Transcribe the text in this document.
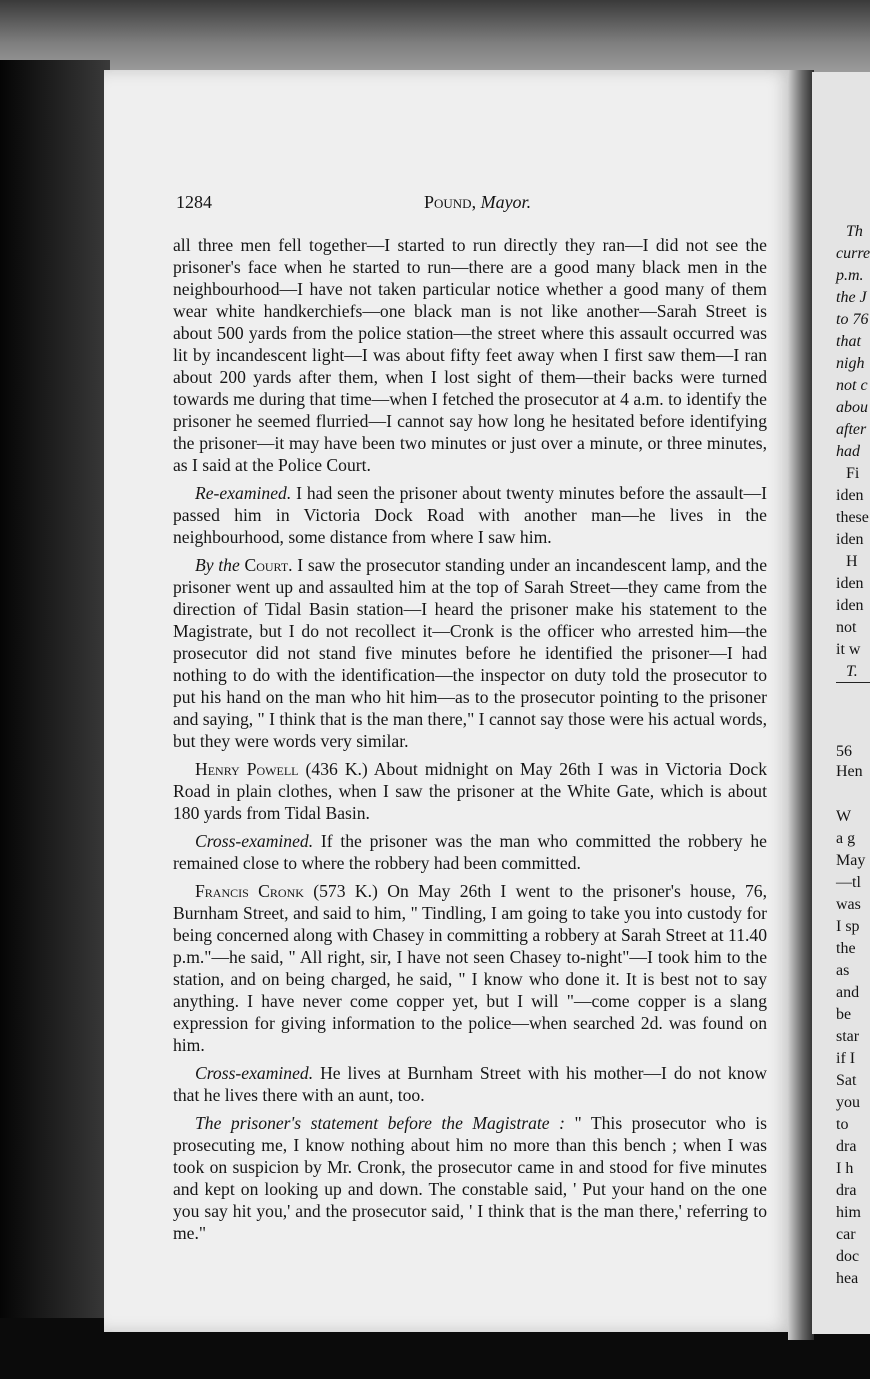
Th
curre
p.m.
the J
to 76
that
nigh
not c
abou
after
had
Fi
iden
these
iden
H
iden
iden
not
it w
T.
56
Hen
W
a g
May
—tl
was
I sp
the
as
and
be
star
if I
Sat
you
to
dra
I h
dra
him
car
doc
hea
1284	Pound, Mayor.

all three men fell together—I started to run directly they ran—I did not see the prisoner's face when he started to run—there are a good many black men in the neighbourhood—I have not taken particular notice whether a good many of them wear white handkerchiefs—one black man is not like another—Sarah Street is about 500 yards from the police station—the street where this assault occurred was lit by incandescent light—I was about fifty feet away when I first saw them—I ran about 200 yards after them, when I lost sight of them—their backs were turned towards me during that time—when I fetched the prosecutor at 4 a.m. to identify the prisoner he seemed flurried—I cannot say how long he hesitated before identifying the prisoner—it may have been two minutes or just over a minute, or three minutes, as I said at the Police Court.

Re-examined. I had seen the prisoner about twenty minutes before the assault—I passed him in Victoria Dock Road with another man—he lives in the neighbourhood, some distance from where I saw him.

By the Court. I saw the prosecutor standing under an incandescent lamp, and the prisoner went up and assaulted him at the top of Sarah Street—they came from the direction of Tidal Basin station—I heard the prisoner make his statement to the Magistrate, but I do not recollect it—Cronk is the officer who arrested him—the prosecutor did not stand five minutes before he identified the prisoner—I had nothing to do with the identification—the inspector on duty told the prosecutor to put his hand on the man who hit him—as to the prosecutor pointing to the prisoner and saying, " I think that is the man there," I cannot say those were his actual words, but they were words very similar.

Henry Powell (436 K.) About midnight on May 26th I was in Victoria Dock Road in plain clothes, when I saw the prisoner at the White Gate, which is about 180 yards from Tidal Basin.

Cross-examined. If the prisoner was the man who committed the robbery he remained close to where the robbery had been committed.

Francis Cronk (573 K.) On May 26th I went to the prisoner's house, 76, Burnham Street, and said to him, " Tindling, I am going to take you into custody for being concerned along with Chasey in committing a robbery at Sarah Street at 11.40 p.m."—he said, " All right, sir, I have not seen Chasey to-night"—I took him to the station, and on being charged, he said, " I know who done it. It is best not to say anything. I have never come copper yet, but I will "—come copper is a slang expression for giving information to the police—when searched 2d. was found on him.

Cross-examined. He lives at Burnham Street with his mother—I do not know that he lives there with an aunt, too.

The prisoner's statement before the Magistrate : " This prosecutor who is prosecuting me, I know nothing about him no more than this bench ; when I was took on suspicion by Mr. Cronk, the prosecutor came in and stood for five minutes and kept on looking up and down. The constable said, ' Put your hand on the one you say hit you,' and the prosecutor said, ' I think that is the man there,' referring to me."
